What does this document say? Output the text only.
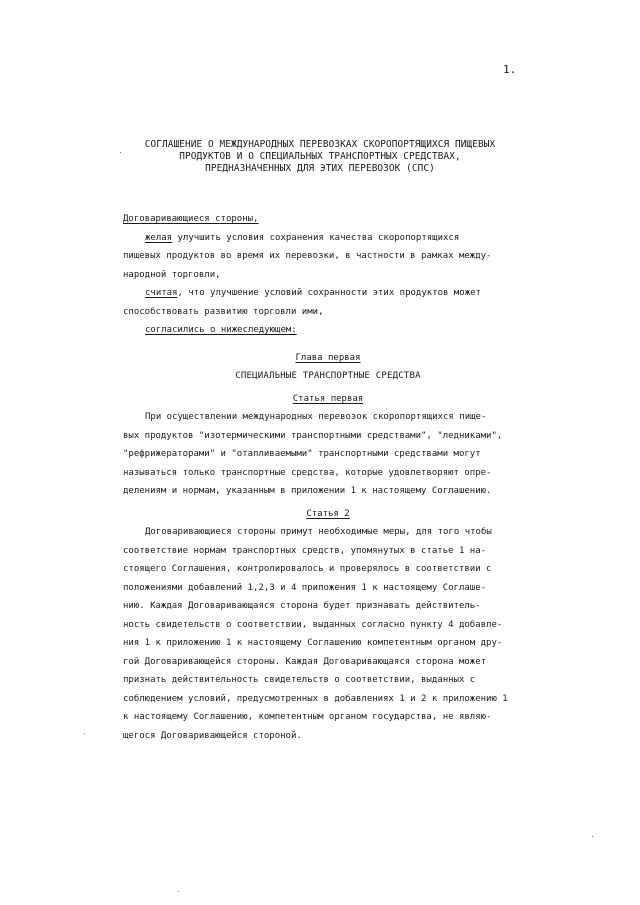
1.
СОГЛАШЕНИЕ О МЕЖДУНАРОДНЫХ ПЕРЕВОЗКАХ СКОРОПОРТЯЩИХСЯ ПИЩЕВЫХ
ПРОДУКТОВ И О СПЕЦИАЛЬНЫХ ТРАНСПОРТНЫХ СРЕДСТВАХ,
ПРЕДНАЗНАЧЕННЫХ ДЛЯ ЭТИХ ПЕРЕВОЗОК (СПС)

Договаривающиеся стороны,

желая улучшить условия сохранения качества скоропортящихся

пищевых продуктов во время их перевозки, в частности в рамках между-

народной торговли,

считая, что улучшение условий сохранности этих продуктов может

способствовать развитию торговли ими,

согласились о нижеследующем:

Глава первая

СПЕЦИАЛЬНЫЕ ТРАНСПОРТНЫЕ СРЕДСТВА

Статья первая

При осуществлении международных перевозок скоропортящихся пище-

вых продуктов "изотермическими транспортными средствами", "ледниками",

"рефрижераторами" и "отапливаемыми" транспортными средствами могут

называться только транспортные средства, которые удовлетворяют опре-

делениям и нормам, указанным в приложении 1 к настоящему Соглашению.

Статья 2

Договаривающиеся стороны примут необходимые меры, для того чтобы

соответствие нормам транспортных средств, упомянутых в статье 1 на-

стоящего Соглашения, контролировалось и проверялось в соответствии с

положениями добавлений 1,2,3 и 4 приложения 1 к настоящему Соглаше-

нию. Каждая Договаривающаяся сторона будет признавать действитель-

ность свидетельств о соответствии, выданных согласно пункту 4 добавле-

ния 1 к приложению 1 к настоящему Соглашению компетентным органом дру-

гой Договаривающейся стороны. Каждая Договаривающаяся сторона может

признать действительность свидетельств о соответствии, выданных с

соблюдением условий, предусмотренных в добавлениях 1 и 2 к приложению 1

к настоящему Соглашению, компетентным органом государства, не являю-

щегося Договаривающейся стороной.
